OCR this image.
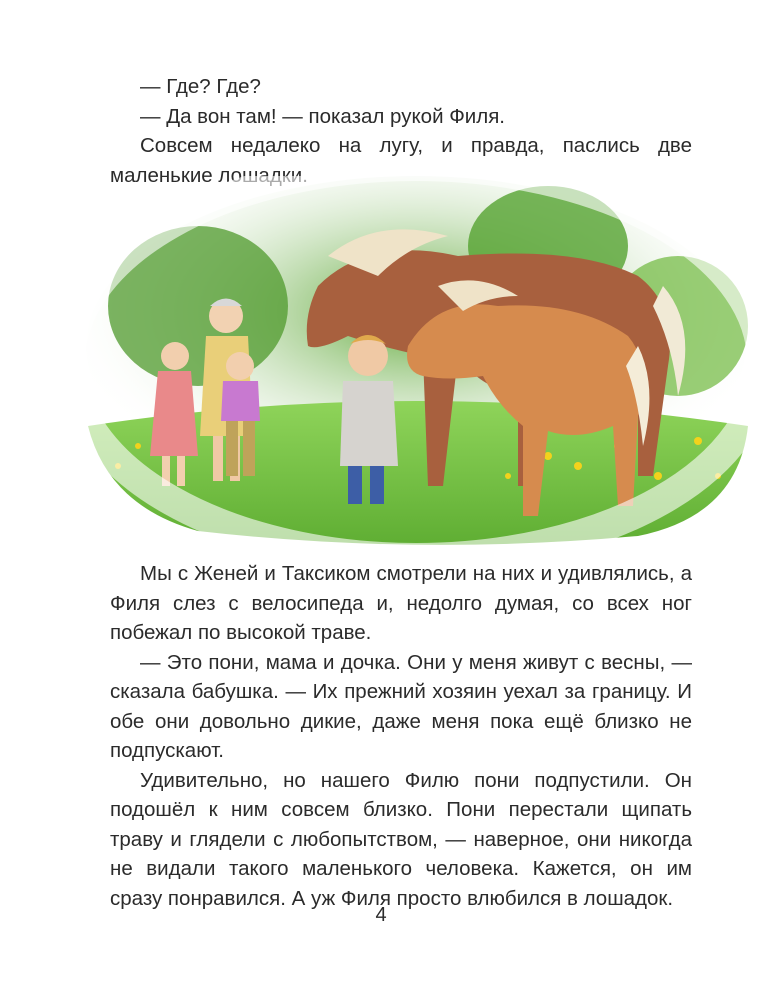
— Где? Где?

— Да вон там! — показал рукой Филя.

Совсем недалеко на лугу, и правда, паслись две маленькие лошадки.

Мы с Женей и Таксиком смотрели на них и удивлялись, а Филя слез с велосипеда и, недолго думая, со всех ног побежал по высокой траве.

— Это пони, мама и дочка. Они у меня живут с весны, — сказала бабушка. — Их прежний хозяин уехал за границу. И обе они довольно дикие, даже меня пока ещё близко не подпускают.

Удивительно, но нашего Филю пони подпустили. Он подошёл к ним совсем близко. Пони перестали щипать траву и глядели с любопытством, — наверное, они никогда не видали такого маленького человека. Кажется, он им сразу понравился. А уж Филя просто влюбился в лошадок.

4
